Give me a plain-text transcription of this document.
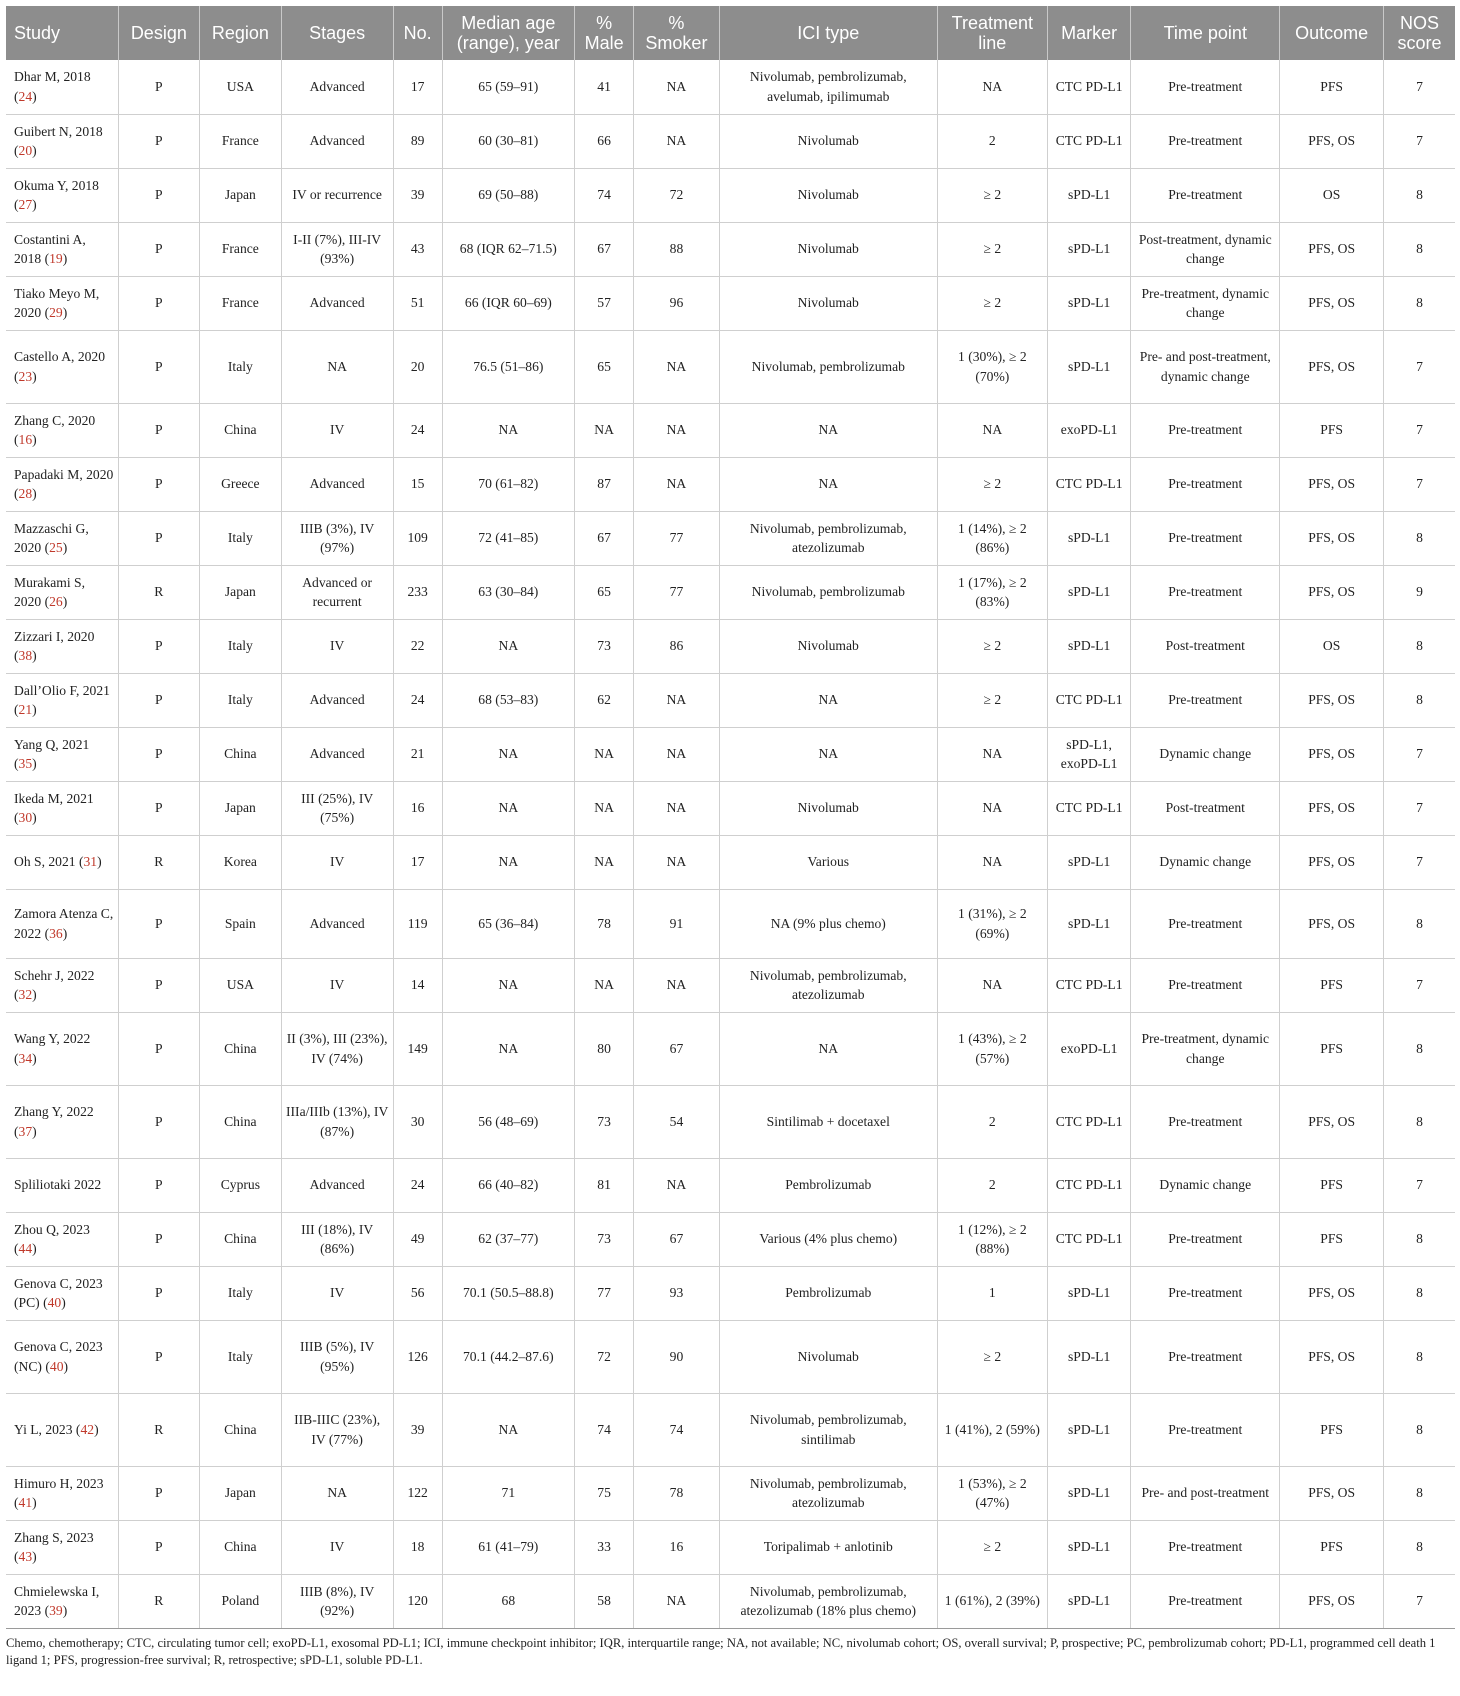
Study	Design	Region	Stages	No.	Median age (range), year	% Male	% Smoker	ICI type	Treatment line	Marker	Time point	Outcome	NOS score
Dhar M, 2018 (24)	P	USA	Advanced	17	65 (59–91)	41	NA	Nivolumab, pembrolizumab, avelumab, ipilimumab	NA	CTC PD-L1	Pre-treatment	PFS	7
Guibert N, 2018 (20)	P	France	Advanced	89	60 (30–81)	66	NA	Nivolumab	2	CTC PD-L1	Pre-treatment	PFS, OS	7
Okuma Y, 2018 (27)	P	Japan	IV or recurrence	39	69 (50–88)	74	72	Nivolumab	≥ 2	sPD-L1	Pre-treatment	OS	8
Costantini A, 2018 (19)	P	France	I-II (7%), III-IV (93%)	43	68 (IQR 62–71.5)	67	88	Nivolumab	≥ 2	sPD-L1	Post-treatment, dynamic change	PFS, OS	8
Tiako Meyo M, 2020 (29)	P	France	Advanced	51	66 (IQR 60–69)	57	96	Nivolumab	≥ 2	sPD-L1	Pre-treatment, dynamic change	PFS, OS	8
Castello A, 2020 (23)	P	Italy	NA	20	76.5 (51–86)	65	NA	Nivolumab, pembrolizumab	1 (30%), ≥ 2 (70%)	sPD-L1	Pre- and post-treatment, dynamic change	PFS, OS	7
Zhang C, 2020 (16)	P	China	IV	24	NA	NA	NA	NA	NA	exoPD-L1	Pre-treatment	PFS	7
Papadaki M, 2020 (28)	P	Greece	Advanced	15	70 (61–82)	87	NA	NA	≥ 2	CTC PD-L1	Pre-treatment	PFS, OS	7
Mazzaschi G, 2020 (25)	P	Italy	IIIB (3%), IV (97%)	109	72 (41–85)	67	77	Nivolumab, pembrolizumab, atezolizumab	1 (14%), ≥ 2 (86%)	sPD-L1	Pre-treatment	PFS, OS	8
Murakami S, 2020 (26)	R	Japan	Advanced or recurrent	233	63 (30–84)	65	77	Nivolumab, pembrolizumab	1 (17%), ≥ 2 (83%)	sPD-L1	Pre-treatment	PFS, OS	9
Zizzari I, 2020 (38)	P	Italy	IV	22	NA	73	86	Nivolumab	≥ 2	sPD-L1	Post-treatment	OS	8
Dall’Olio F, 2021 (21)	P	Italy	Advanced	24	68 (53–83)	62	NA	NA	≥ 2	CTC PD-L1	Pre-treatment	PFS, OS	8
Yang Q, 2021 (35)	P	China	Advanced	21	NA	NA	NA	NA	NA	sPD-L1, exoPD-L1	Dynamic change	PFS, OS	7
Ikeda M, 2021 (30)	P	Japan	III (25%), IV (75%)	16	NA	NA	NA	Nivolumab	NA	CTC PD-L1	Post-treatment	PFS, OS	7
Oh S, 2021 (31)	R	Korea	IV	17	NA	NA	NA	Various	NA	sPD-L1	Dynamic change	PFS, OS	7
Zamora Atenza C, 2022 (36)	P	Spain	Advanced	119	65 (36–84)	78	91	NA (9% plus chemo)	1 (31%), ≥ 2 (69%)	sPD-L1	Pre-treatment	PFS, OS	8
Schehr J, 2022 (32)	P	USA	IV	14	NA	NA	NA	Nivolumab, pembrolizumab, atezolizumab	NA	CTC PD-L1	Pre-treatment	PFS	7
Wang Y, 2022 (34)	P	China	II (3%), III (23%), IV (74%)	149	NA	80	67	NA	1 (43%), ≥ 2 (57%)	exoPD-L1	Pre-treatment, dynamic change	PFS	8
Zhang Y, 2022 (37)	P	China	IIIa/IIIb (13%), IV (87%)	30	56 (48–69)	73	54	Sintilimab + docetaxel	2	CTC PD-L1	Pre-treatment	PFS, OS	8
Spliliotaki 2022	P	Cyprus	Advanced	24	66 (40–82)	81	NA	Pembrolizumab	2	CTC PD-L1	Dynamic change	PFS	7
Zhou Q, 2023 (44)	P	China	III (18%), IV (86%)	49	62 (37–77)	73	67	Various (4% plus chemo)	1 (12%), ≥ 2 (88%)	CTC PD-L1	Pre-treatment	PFS	8
Genova C, 2023 (PC) (40)	P	Italy	IV	56	70.1 (50.5–88.8)	77	93	Pembrolizumab	1	sPD-L1	Pre-treatment	PFS, OS	8
Genova C, 2023 (NC) (40)	P	Italy	IIIB (5%), IV (95%)	126	70.1 (44.2–87.6)	72	90	Nivolumab	≥ 2	sPD-L1	Pre-treatment	PFS, OS	8
Yi L, 2023 (42)	R	China	IIB-IIIC (23%), IV (77%)	39	NA	74	74	Nivolumab, pembrolizumab, sintilimab	1 (41%), 2 (59%)	sPD-L1	Pre-treatment	PFS	8
Himuro H, 2023 (41)	P	Japan	NA	122	71	75	78	Nivolumab, pembrolizumab, atezolizumab	1 (53%), ≥ 2 (47%)	sPD-L1	Pre- and post-treatment	PFS, OS	8
Zhang S, 2023 (43)	P	China	IV	18	61 (41–79)	33	16	Toripalimab + anlotinib	≥ 2	sPD-L1	Pre-treatment	PFS	8
Chmielewska I, 2023 (39)	R	Poland	IIIB (8%), IV (92%)	120	68	58	NA	Nivolumab, pembrolizumab, atezolizumab (18% plus chemo)	1 (61%), 2 (39%)	sPD-L1	Pre-treatment	PFS, OS	7

Chemo, chemotherapy; CTC, circulating tumor cell; exoPD-L1, exosomal PD-L1; ICI, immune checkpoint inhibitor; IQR, interquartile range; NA, not available; NC, nivolumab cohort; OS, overall survival; P, prospective; PC, pembrolizumab cohort; PD-L1, programmed cell death 1 ligand 1; PFS, progression-free survival; R, retrospective; sPD-L1, soluble PD-L1.
